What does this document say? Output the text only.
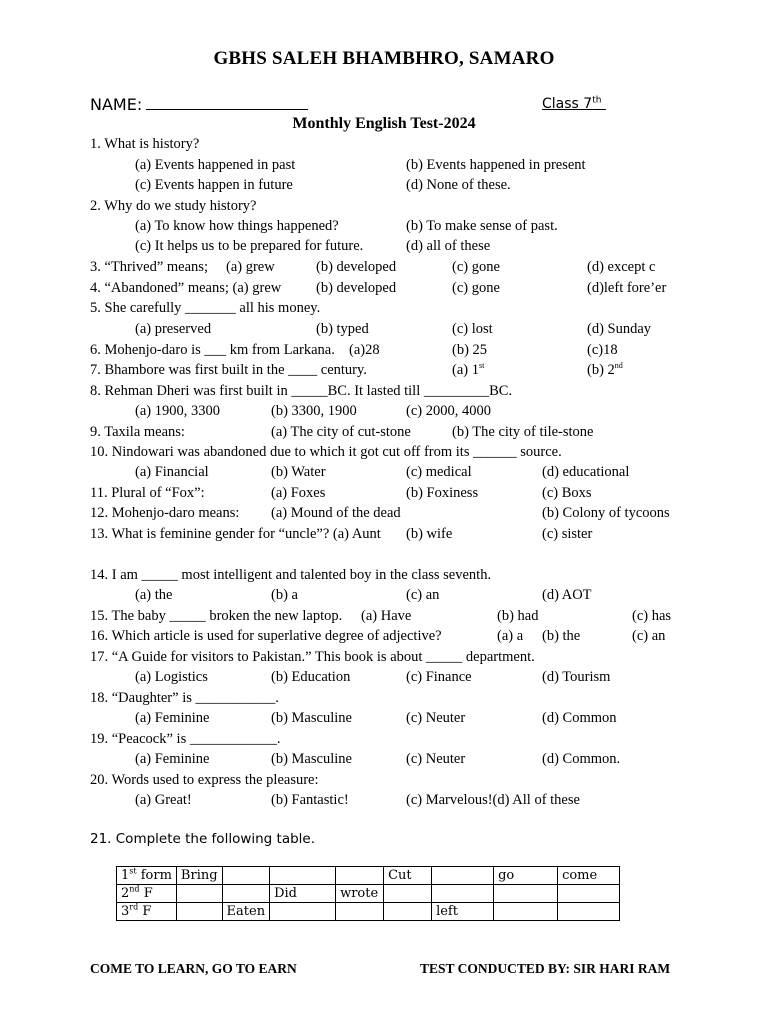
GBHS SALEH BHAMBHRO, SAMARO
NAME:	Class 7th
Monthly English Test-2024
1. What is history?
(a) Events happened in past	(b) Events happened in present
(c) Events happen in future	(d) None of these.
2. Why do we study history?
(a) To know how things happened?	(b) To make sense of past.
(c) It helps us to be prepared for future.	(d) all of these
3. “Thrived” means; (a) grew	(b) developed	(c) gone	(d) except c
4. “Abandoned” means; (a) grew (b) developed	(c) gone	(d)left fore’er
5. She carefully _______ all his money.
(a) preserved	(b) typed	(c) lost	(d) Sunday
6. Mohenjo-daro is ___ km from Larkana. (a)28	(b) 25	(c)18
7. Bhambore was first built in the ____ century.	(a) 1st	(b) 2nd
8. Rehman Dheri was first built in _____BC. It lasted till _________BC.
(a) 1900, 3300	(b) 3300, 1900	(c) 2000, 4000
9. Taxila means:	(a) The city of cut-stone	(b) The city of tile-stone
10. Nindowari was abandoned due to which it got cut off from its ______ source.
(a) Financial	(b) Water	(c) medical	(d) educational
11. Plural of “Fox”:	(a) Foxes	(b) Foxiness	(c) Boxs
12. Mohenjo-daro means: (a) Mound of the dead	(b) Colony of tycoons
13. What is feminine gender for “uncle”? (a) Aunt (b) wife	(c) sister
14. I am _____ most intelligent and talented boy in the class seventh.
(a) the	(b) a	(c) an	(d) AOT
15. The baby _____ broken the new laptop. (a) Have	(b) had	(c) has
16. Which article is used for superlative degree of adjective?	(a) a (b) the	(c) an
17. “A Guide for visitors to Pakistan.” This book is about _____ department.
(a) Logistics	(b) Education	(c) Finance	(d) Tourism
18. “Daughter” is ___________.
(a) Feminine	(b) Masculine	(c) Neuter	(d) Common
19. “Peacock” is ____________.
(a) Feminine	(b) Masculine	(c) Neuter	(d) Common.
20. Words used to express the pleasure:
(a) Great!	(b) Fantastic!	(c) Marvelous!(d) All of these
21. Complete the following table.
1st form	Bring				Cut		go	come
2nd F			Did	wrote				
3rd F		Eaten				left		
COME TO LEARN, GO TO EARN	TEST CONDUCTED BY: SIR HARI RAM
